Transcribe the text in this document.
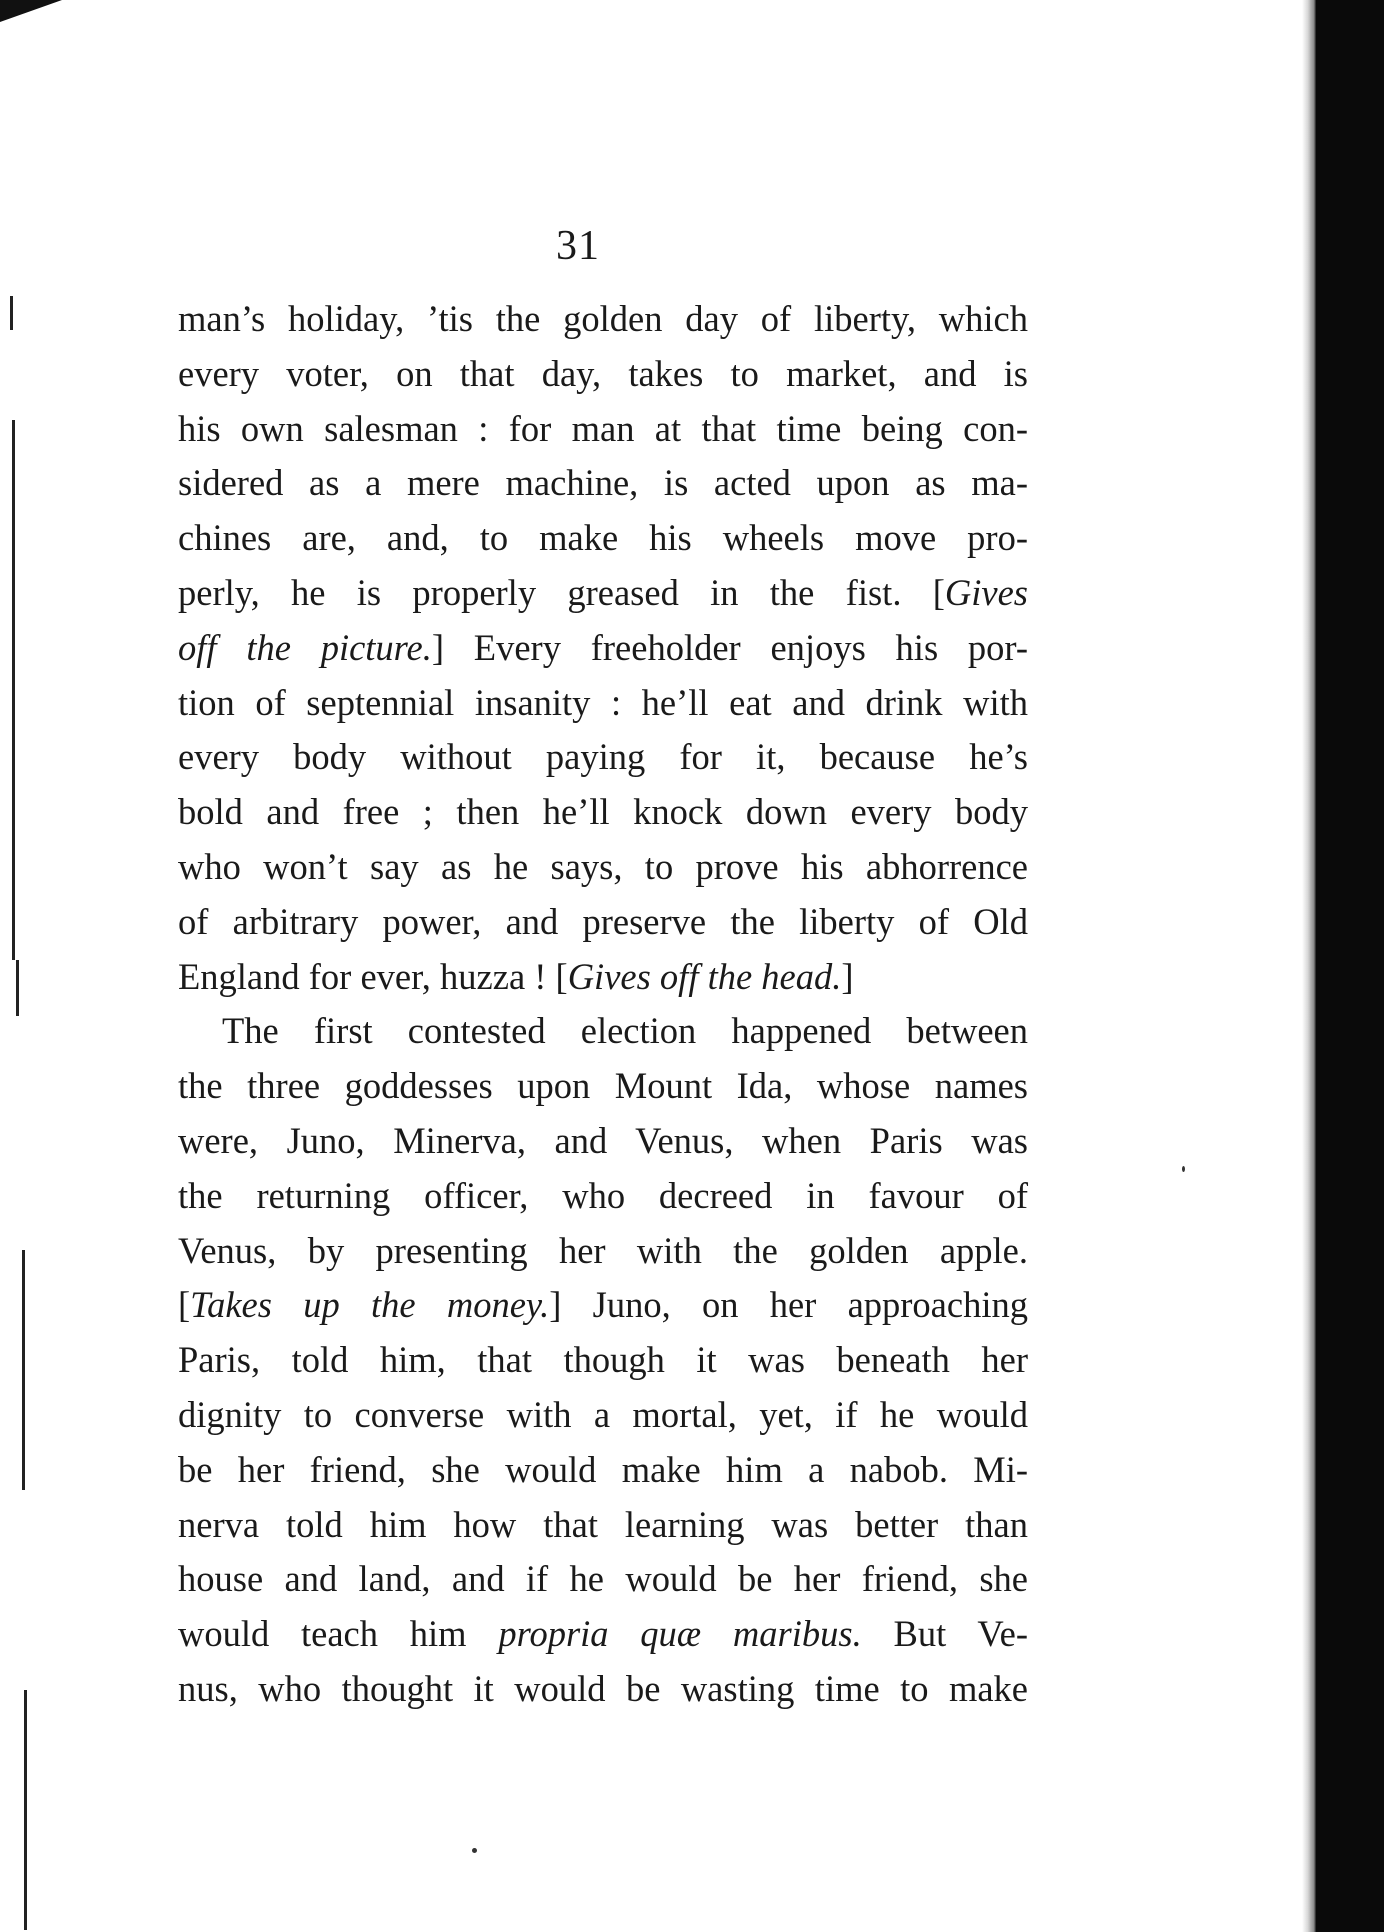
31
man’s holiday, ’tis the golden day of liberty, which
every voter, on that day, takes to market, and is
his own salesman : for man at that time being con-
sidered as a mere machine, is acted upon as ma-
chines are, and, to make his wheels move pro-
perly, he is properly greased in the fist. [Gives
off the picture.] Every freeholder enjoys his por-
tion of septennial insanity : he’ll eat and drink with
every body without paying for it, because he’s
bold and free ; then he’ll knock down every body
who won’t say as he says, to prove his abhorrence
of arbitrary power, and preserve the liberty of Old
England for ever, huzza ! [Gives off the head.]
The first contested election happened between
the three goddesses upon Mount Ida, whose names
were, Juno, Minerva, and Venus, when Paris was
the returning officer, who decreed in favour of
Venus, by presenting her with the golden apple.
[Takes up the money.] Juno, on her approaching
Paris, told him, that though it was beneath her
dignity to converse with a mortal, yet, if he would
be her friend, she would make him a nabob. Mi-
nerva told him how that learning was better than
house and land, and if he would be her friend, she
would teach him propria quæ maribus. But Ve-
nus, who thought it would be wasting time to make
